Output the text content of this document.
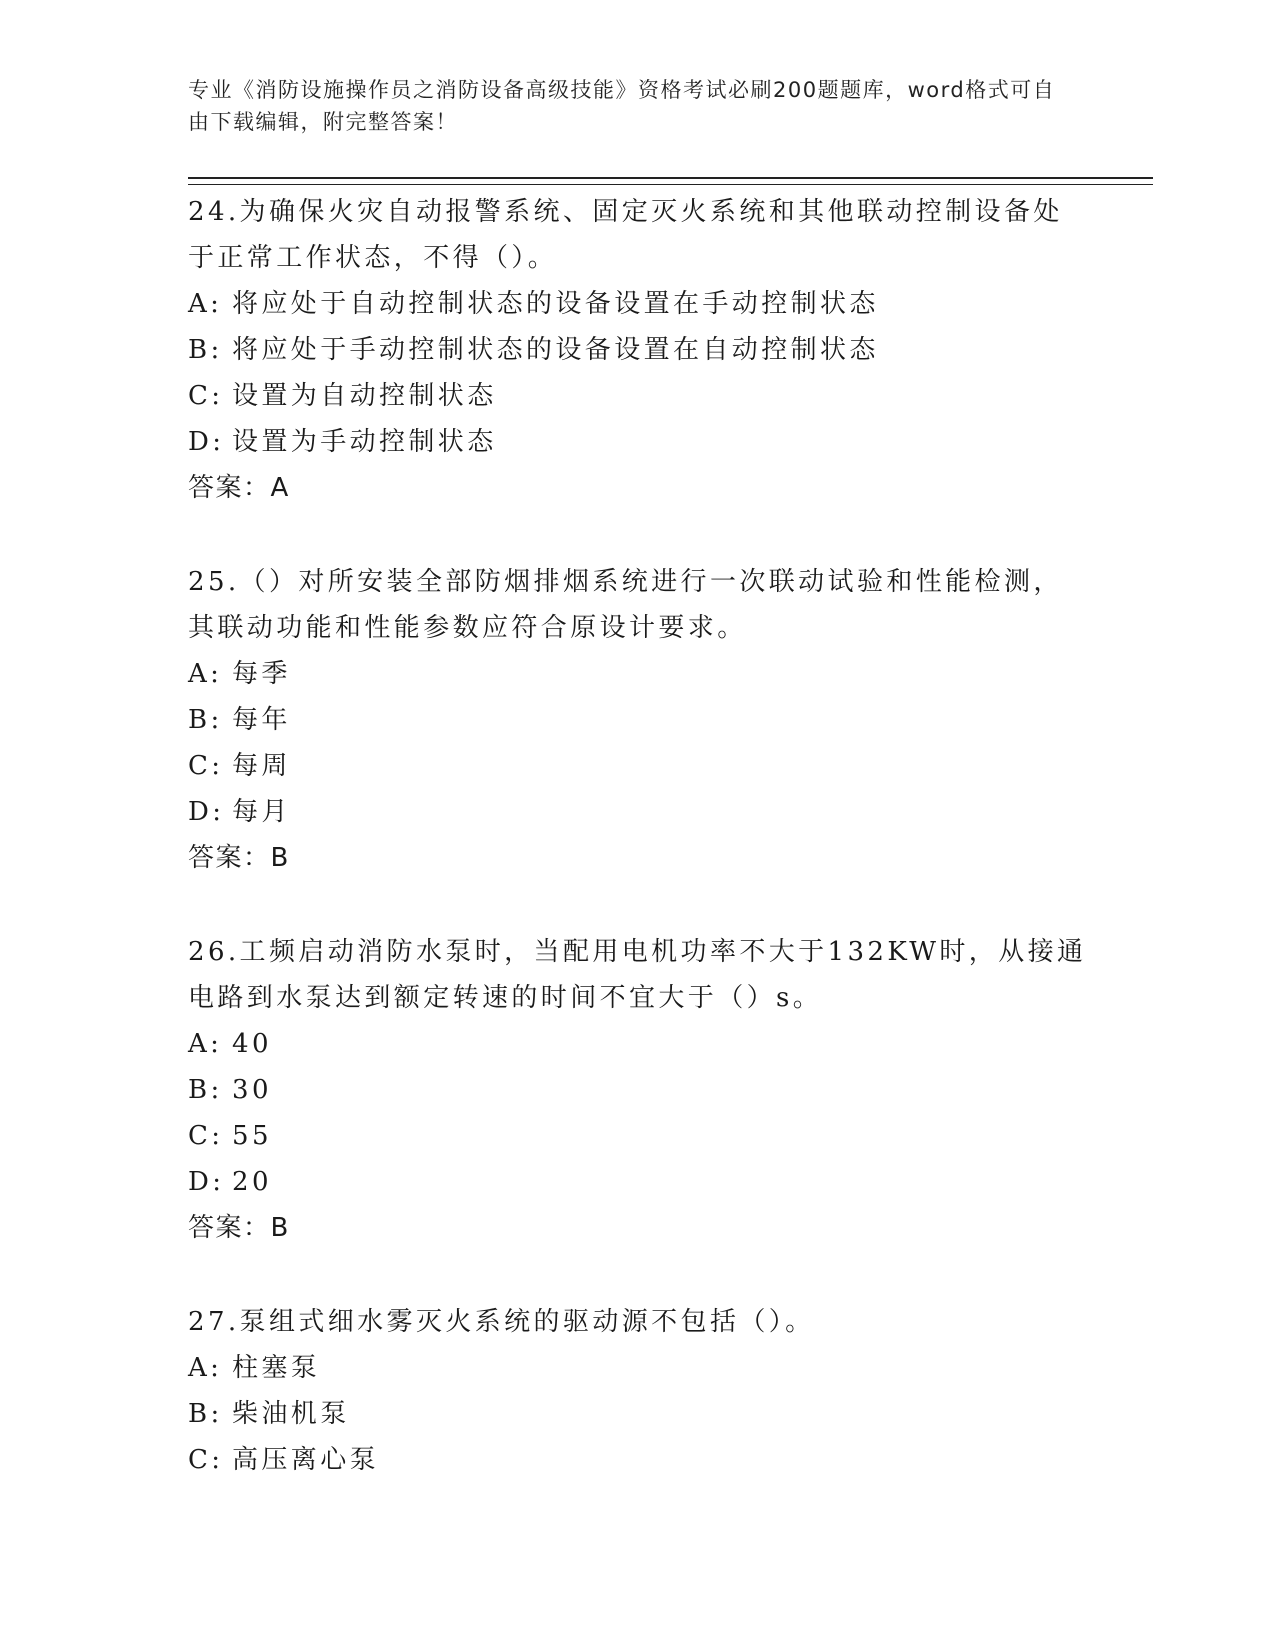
专业《消防设施操作员之消防设备高级技能》资格考试必刷200题题库，word格式可自由下载编辑，附完整答案！

24.为确保火灾自动报警系统、固定灭火系统和其他联动控制设备处于正常工作状态，不得（）。

A: 将应处于自动控制状态的设备设置在手动控制状态
B: 将应处于手动控制状态的设备设置在自动控制状态
C: 设置为自动控制状态
D: 设置为手动控制状态
答案：A

25.（）对所安装全部防烟排烟系统进行一次联动试验和性能检测，其联动功能和性能参数应符合原设计要求。

A: 每季
B: 每年
C: 每周
D: 每月
答案：B

26.工频启动消防水泵时，当配用电机功率不大于132KW时，从接通电路到水泵达到额定转速的时间不宜大于（）s。

A: 40
B: 30
C: 55
D: 20
答案：B

27.泵组式细水雾灭火系统的驱动源不包括（）。

A: 柱塞泵
B: 柴油机泵
C: 高压离心泵
